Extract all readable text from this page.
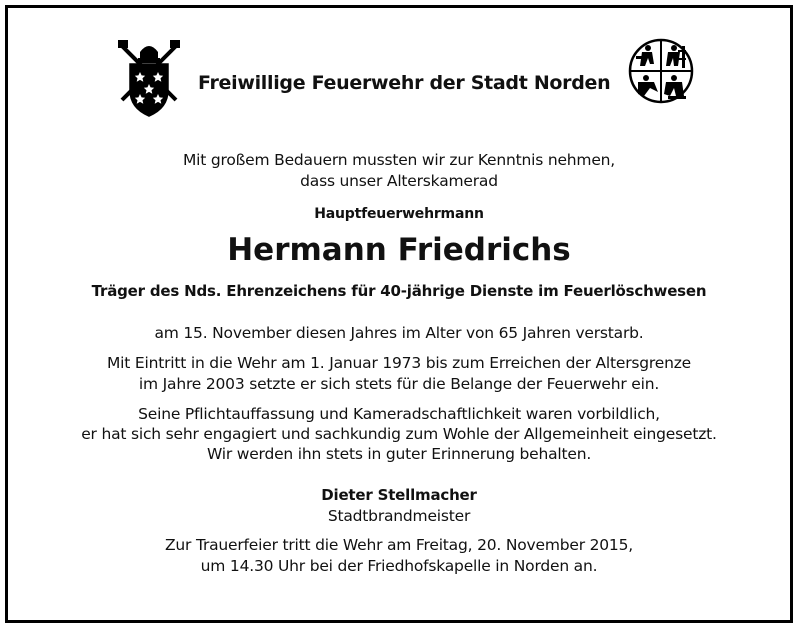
Freiwillige Feuerwehr der Stadt Norden
Mit großem Bedauern mussten wir zur Kenntnis nehmen,
dass unser Alterskamerad
Hauptfeuerwehrmann
Hermann Friedrichs
Träger des Nds. Ehrenzeichens für 40-jährige Dienste im Feuerlöschwesen
am 15. November diesen Jahres im Alter von 65 Jahren verstarb.
Mit Eintritt in die Wehr am 1. Januar 1973 bis zum Erreichen der Altersgrenze
im Jahre 2003 setzte er sich stets für die Belange der Feuerwehr ein.
Seine Pflichtauffassung und Kameradschaftlichkeit waren vorbildlich,
er hat sich sehr engagiert und sachkundig zum Wohle der Allgemeinheit eingesetzt.
Wir werden ihn stets in guter Erinnerung behalten.
Dieter Stellmacher
Stadtbrandmeister
Zur Trauerfeier tritt die Wehr am Freitag, 20. November 2015,
um 14.30 Uhr bei der Friedhofskapelle in Norden an.
